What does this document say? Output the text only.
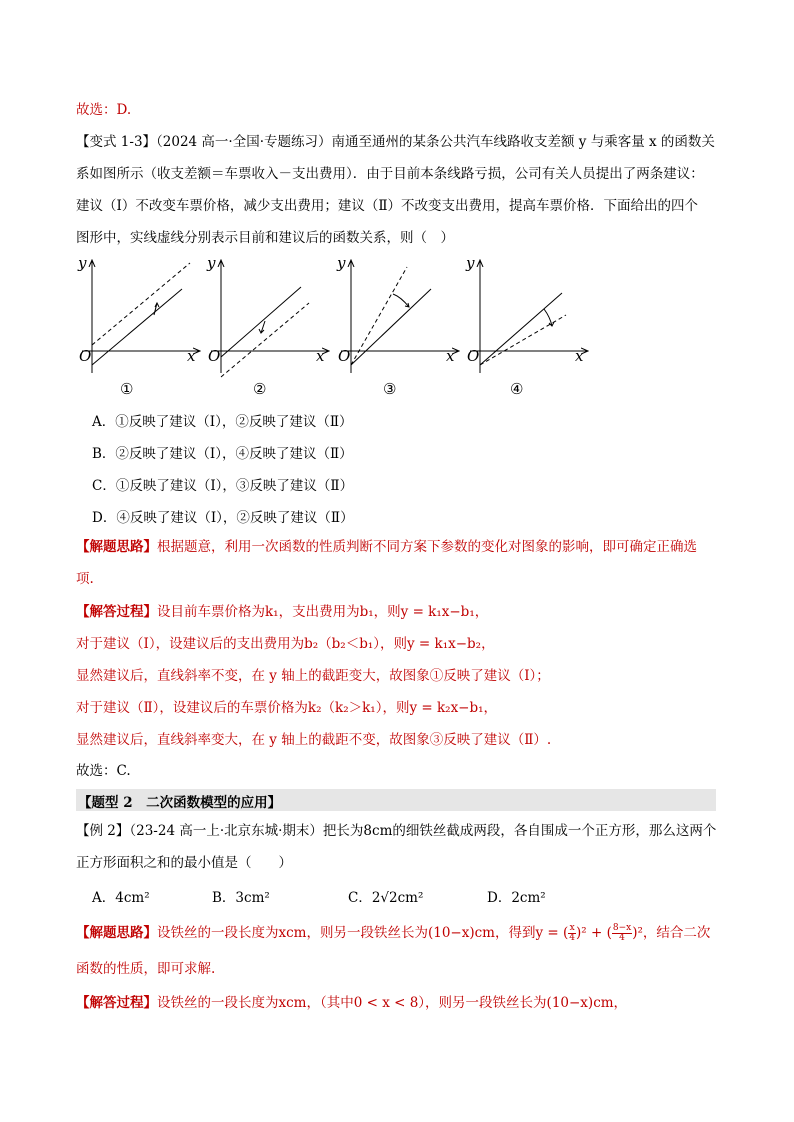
故选：D.
【变式 1-3】（2024 高一·全国·专题练习）南通至通州的某条公共汽车线路收支差额 y 与乘客量 x 的函数关
系如图所示（收支差额＝车票收入－支出费用）．由于目前本条线路亏损，公司有关人员提出了两条建议：
建议（Ⅰ）不改变车票价格，减少支出费用；建议（Ⅱ）不改变支出费用，提高车票价格．下面给出的四个
图形中，实线虚线分别表示目前和建议后的函数关系，则（　）
y
x
O
y
x
O
y
x
O
y
x
O
①	②	③	④
A．①反映了建议（Ⅰ），②反映了建议（Ⅱ）
B．②反映了建议（Ⅰ），④反映了建议（Ⅱ）
C．①反映了建议（Ⅰ），③反映了建议（Ⅱ）
D．④反映了建议（Ⅰ），②反映了建议（Ⅱ）
【解题思路】根据题意，利用一次函数的性质判断不同方案下参数的变化对图象的影响，即可确定正确选
项.
【解答过程】设目前车票价格为k₁，支出费用为b₁，则y = k₁x−b₁，
对于建议（Ⅰ），设建议后的支出费用为b₂（b₂＜b₁），则y = k₁x−b₂，
显然建议后，直线斜率不变，在 y 轴上的截距变大，故图象①反映了建议（Ⅰ）；
对于建议（Ⅱ），设建议后的车票价格为k₂（k₂＞k₁），则y = k₂x−b₁，
显然建议后，直线斜率变大，在 y 轴上的截距不变，故图象③反映了建议（Ⅱ）.
故选：C.
【题型 2　二次函数模型的应用】
【例 2】（23-24 高一上·北京东城·期末）把长为8cm的细铁丝截成两段，各自围成一个正方形，那么这两个
正方形面积之和的最小值是（　　）
A．4cm²	B．3cm²	C．2√2cm²	D．2cm²
【解题思路】设铁丝的一段长度为xcm，则另一段铁丝长为(10−x)cm，得到y = ( $\frac{x}{4} )^2$ + ( $\frac{8-x}{4} )^2$，结合二次
函数的性质，即可求解.
【解答过程】设铁丝的一段长度为xcm，（其中0 < x < 8），则另一段铁丝长为(10−x)cm，
